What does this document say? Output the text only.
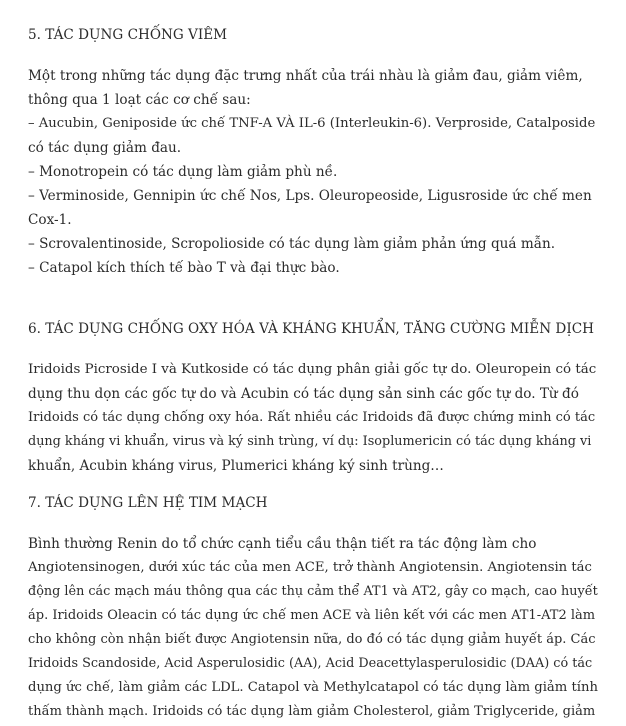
5. TÁC DỤNG CHỐNG VIÊM

Một trong những tác dụng đặc trưng nhất của trái nhàu là giảm đau, giảm viêm,
thông qua 1 loạt các cơ chế sau:
– Aucubin, Geniposide ức chế TNF-A VÀ IL-6 (Interleukin-6). Verproside, Catalposide
có tác dụng giảm đau.
– Monotropein có tác dụng làm giảm phù nề.
– Verminoside, Gennipin ức chế Nos, Lps. Oleuropeoside, Ligusroside ức chế men
Cox-1.
– Scrovalentinoside, Scropolioside có tác dụng làm giảm phản ứng quá mẫn.
– Catapol kích thích tế bào T và đại thực bào.

6. TÁC DỤNG CHỐNG OXY HÓA VÀ KHÁNG KHUẨN, TĂNG CƯỜNG MIỄN DỊCH

Iridoids Picroside I và Kutkoside có tác dụng phân giải gốc tự do. Oleuropein có tác
dụng thu dọn các gốc tự do và Acubin có tác dụng sản sinh các gốc tự do. Từ đó
Iridoids có tác dụng chống oxy hóa. Rất nhiều các Iridoids đã được chứng minh có tác
dụng kháng vi khuẩn, virus và ký sinh trùng, ví dụ: Isoplumericin có tác dụng kháng vi
khuẩn, Acubin kháng virus, Plumerici kháng ký sinh trùng…

7. TÁC DỤNG LÊN HỆ TIM MẠCH

Bình thường Renin do tổ chức cạnh tiểu cầu thận tiết ra tác động làm cho
Angiotensinogen, dưới xúc tác của men ACE, trở thành Angiotensin. Angiotensin tác
động lên các mạch máu thông qua các thụ cảm thể AT1 và AT2, gây co mạch, cao huyết
áp. Iridoids Oleacin có tác dụng ức chế men ACE và liên kết với các men AT1-AT2 làm
cho không còn nhận biết được Angiotensin nữa, do đó có tác dụng giảm huyết áp. Các
Iridoids Scandoside, Acid Asperulosidic (AA), Acid Deacettylasperulosidic (DAA) có tác
dụng ức chế, làm giảm các LDL. Catapol và Methylcatapol có tác dụng làm giảm tính
thấm thành mạch. Iridoids có tác dụng làm giảm Cholesterol, giảm Triglyceride, giảm
